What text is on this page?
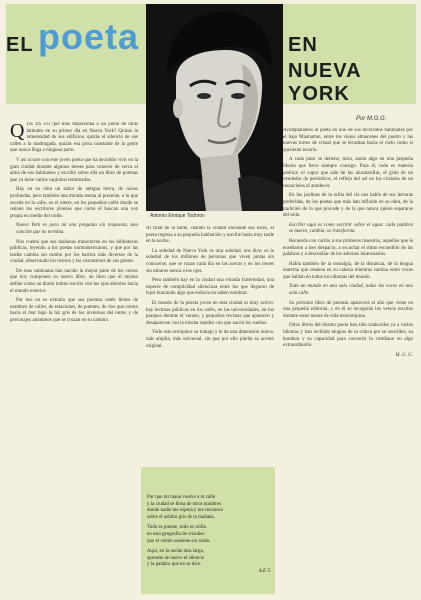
EL poeta	EN
NUEVA YORK
Por M.G.G.
Antonio Enrique Todorov
Q UE ES LO que más impresiona a un poeta de otras latitudes en su primer día en Nueva York? Quizás la inmensidad de sus edificios, quizás el silencio de sus calles a la madrugada, quizás esa prisa constante de la gente que nunca llega a ninguna parte.
Y así ocurre con este joven poeta que ha decidido vivir en la gran ciudad durante algunos meses para conocer de cerca el alma de sus habitantes y escribir sobre ella un libro de poemas que ya tiene varios capítulos terminados.
Hay en su obra un sabor de antigua tierra, de raíces profundas, pero también una mirada atenta al presente, a lo que sucede en la calle, en el metro, en los pequeños cafés donde se reúnen los escritores jóvenes que como él buscan una voz propia en medio del ruido.
Nueva York es para mí una pregunta sin respuesta, una canción que no termina.
Nos cuenta que sus mañanas transcurren en las bibliotecas públicas, leyendo a los poetas norteamericanos, y que por las tardes camina sin rumbo por los barrios más diversos de la ciudad, observando los rostros y las costumbres de sus gentes.
De esas caminatas han nacido la mayor parte de los versos que hoy componen su nuevo libro, un libro que él mismo define como un diario íntimo escrito con los ojos abiertos hacia el mundo exterior.
Por eso no es extraño que sus poemas estén llenos de nombres de calles, de estaciones, de puentes, de ríos que corren hacia el mar bajo la luz gris de los inviernos del norte, y de personajes anónimos que se cruzan en su camino.
Al final de la tarde, cuando la ciudad enciende sus luces, el poeta regresa a su pequeña habitación y escribe hasta muy tarde en la noche.
La soledad de Nueva York es otra soledad, nos dice; es la soledad de los millones de personas que viven juntas sin conocerse, que se rozan cada día en las aceras y en los trenes sin mirarse nunca a los ojos.
Pero también hay en la ciudad una extraña fraternidad, una especie de complicidad silenciosa entre los que llegaron de lejos buscando algo que todavía no saben nombrar.
El mundo de la poesía joven en esta ciudad es muy activo: hay lecturas públicas en los cafés, en las universidades, en los parques durante el verano, y pequeñas revistas que aparecen y desaparecen con la misma rapidez con que nacen los sueños.
Todo esto enriquece su trabajo y le da una dimensión nueva, más amplia, más universal, sin que por ello pierda su acento original.
Por que mi mano vuelve a tu calle
y la ciudad se llena de otros nombres
donde nadie me espera y me reconoce
sobre el asfalto gris de la mañana.
Todo es puente, todo es orilla
en esta geografía de cristales
que el viento sostiene sin ruido.
Aquí, en la noche más larga,
aprendo de nuevo el silencio
y la palabra que no se dice.
A.E.T.
Acompañamos al poeta en uno de sus recorridos habituales por el bajo Manhattan, entre los viejos almacenes del puerto y las nuevas torres de cristal que se levantan hacia el cielo como si quisieran tocarlo.
A cada paso se detiene, mira, anota algo en una pequeña libreta que lleva siempre consigo. Para él, todo es materia poética: el vapor que sale de las alcantarillas, el grito de un vendedor de periódicos, el reflejo del sol en los cristales de un rascacielos al atardecer.
En los jardines de la orilla del río nos habla de sus lecturas preferidas, de los poetas que más han influido en su obra, de la tradición de la que procede y de la que nunca quiere separarse del todo.
Escribir aquí es como escribir sobre el agua: cada palabra se mueve, cambia, se transforma.
Recuerda con cariño a sus primeros maestros, aquellos que le enseñaron a leer despacio, a escuchar el ritmo escondido de las palabras y a desconfiar de los adornos innecesarios.
Habla también de la nostalgia, de la distancia, de la lengua materna que resuena en su cabeza mientras camina entre voces que hablan en todos los idiomas del mundo.
Todo un mundo en una sola ciudad, todas las voces en una sola calle.
Su próximo libro de poemas aparecerá el año que viene en una pequeña editorial, y en él se recogerán los versos escritos durante estos meses de vida neoyorquina.
Otros libros del mismo poeta han sido traducidos ya a varios idiomas y han recibido elogios de la crítica por su sencillez, su hondura y su capacidad para convertir lo cotidiano en algo extraordinario.
M. G. G.
